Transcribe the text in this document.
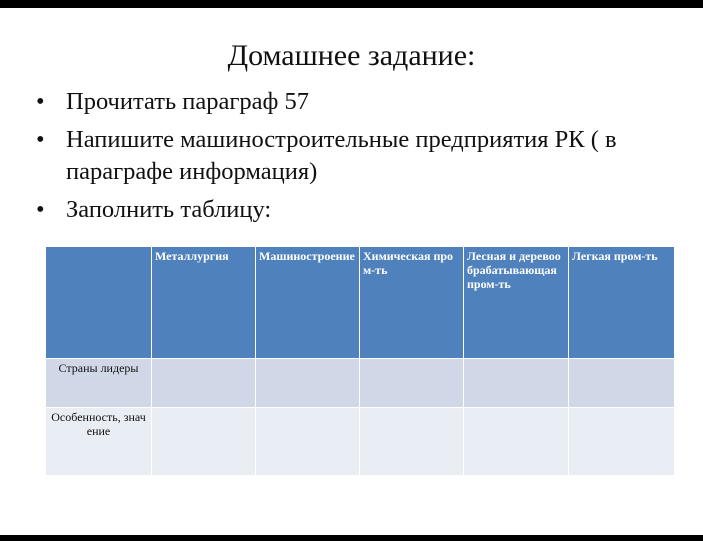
Домашнее задание:
• Прочитать параграф 57
• Напишите машиностроительные предприятия РК ( в параграфе информация)
• Заполнить таблицу:
	Металлургия	Машиностроение	Химическая пром-ть	Лесная и деревообрабатывающая пром-ть	Легкая пром-ть
Страны лидеры					
Особенность, значение					
